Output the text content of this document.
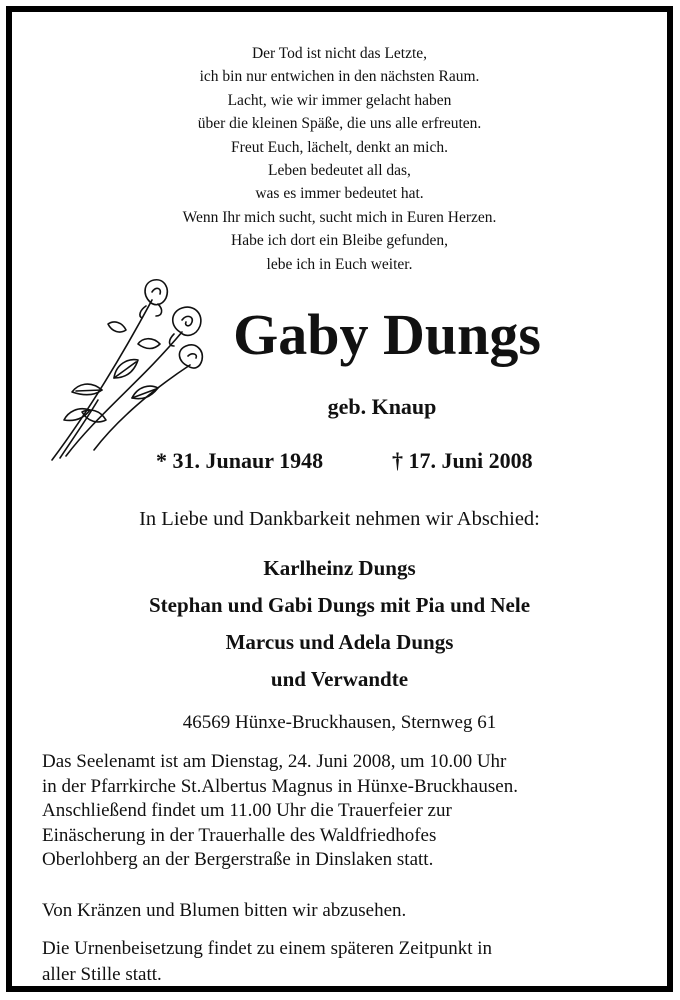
Der Tod ist nicht das Letzte,
ich bin nur entwichen in den nächsten Raum.
Lacht, wie wir immer gelacht haben
über die kleinen Späße, die uns alle erfreuten.
Freut Euch, lächelt, denkt an mich.
Leben bedeutet all das,
was es immer bedeutet hat.
Wenn Ihr mich sucht, sucht mich in Euren Herzen.
Habe ich dort ein Bleibe gefunden,
lebe ich in Euch weiter.
Gaby Dungs
geb. Knaup
* 31. Junaur 1948	† 17. Juni 2008
In Liebe und Dankbarkeit nehmen wir Abschied:
Karlheinz Dungs
Stephan und Gabi Dungs mit Pia und Nele
Marcus und Adela Dungs
und Verwandte
46569 Hünxe-Bruckhausen, Sternweg 61
Das Seelenamt ist am Dienstag, 24. Juni 2008, um 10.00 Uhr
in der Pfarrkirche St.Albertus Magnus in Hünxe-Bruckhausen.
Anschließend findet um 11.00 Uhr die Trauerfeier zur
Einäscherung in der Trauerhalle des Waldfriedhofes
Oberlohberg an der Bergerstraße in Dinslaken statt.
Von Kränzen und Blumen bitten wir abzusehen.
Die Urnenbeisetzung findet zu einem späteren Zeitpunkt in
aller Stille statt.
